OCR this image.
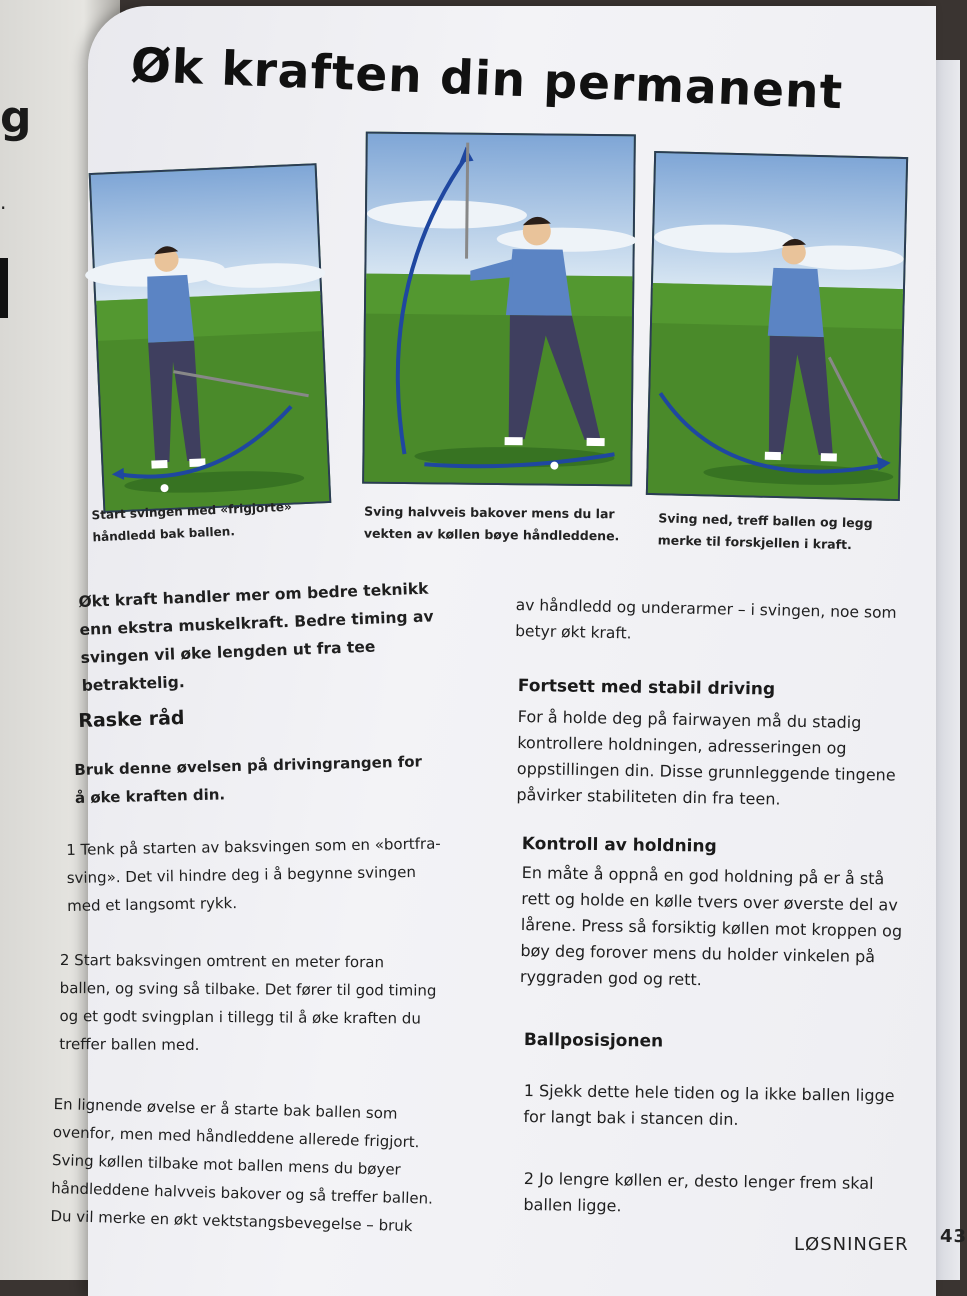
g
.
Øk kraften din permanent
Start svingen med «frigjorte»
håndledd bak ballen.
Sving halvveis bakover mens du lar
vekten av køllen bøye håndleddene.
Sving ned, treff ballen og legg
merke til forskjellen i kraft.
Økt kraft handler mer om bedre teknikk
enn ekstra muskelkraft. Bedre timing av
svingen vil øke lengden ut fra tee
betraktelig.
Raske råd
Bruk denne øvelsen på drivingrangen for
å øke kraften din.
1 Tenk på starten av baksvingen som en «bortfra-
sving». Det vil hindre deg i å begynne svingen
med et langsomt rykk.
2 Start baksvingen omtrent en meter foran
ballen, og sving så tilbake. Det fører til god timing
og et godt svingplan i tillegg til å øke kraften du
treffer ballen med.
En lignende øvelse er å starte bak ballen som
ovenfor, men med håndleddene allerede frigjort.
Sving køllen tilbake mot ballen mens du bøyer
håndleddene halvveis bakover og så treffer ballen.
Du vil merke en økt vektstangsbevegelse – bruk
av håndledd og underarmer – i svingen, noe som
betyr økt kraft.
Fortsett med stabil driving
For å holde deg på fairwayen må du stadig
kontrollere holdningen, adresseringen og
oppstillingen din. Disse grunnleggende tingene
påvirker stabiliteten din fra teen.
Kontroll av holdning
En måte å oppnå en god holdning på er å stå
rett og holde en kølle tvers over øverste del av
lårene. Press så forsiktig køllen mot kroppen og
bøy deg forover mens du holder vinkelen på
ryggraden god og rett.
Ballposisjonen
1 Sjekk dette hele tiden og la ikke ballen ligge
for langt bak i stancen din.
2 Jo lengre køllen er, desto lenger frem skal
ballen ligge.
LØSNINGER 43
